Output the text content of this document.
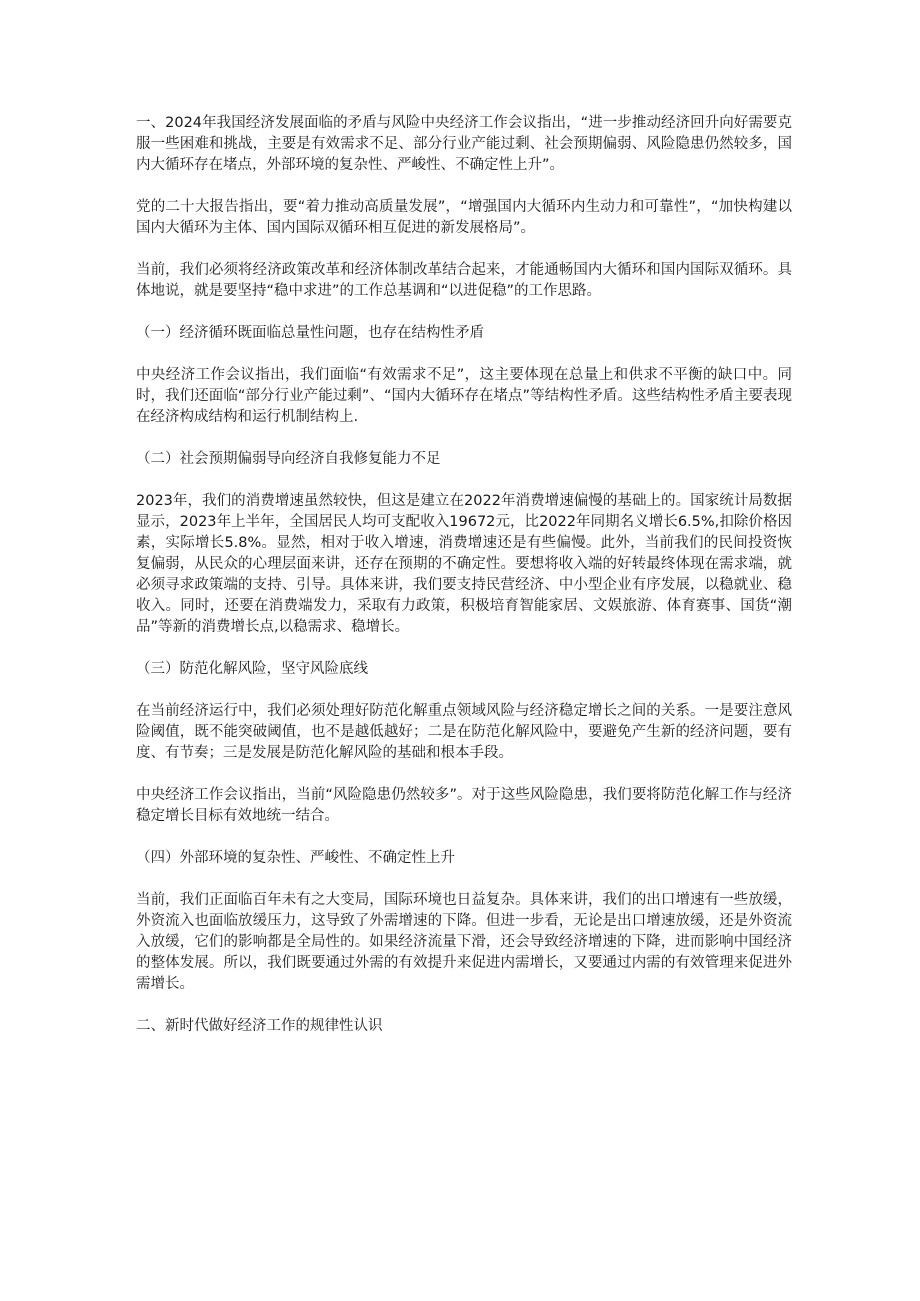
一、2024年我国经济发展面临的矛盾与风险中央经济工作会议指出，“进一步推动经济回升向好需要克服一些困难和挑战，主要是有效需求不足、部分行业产能过剩、社会预期偏弱、风险隐患仍然较多，国内大循环存在堵点，外部环境的复杂性、严峻性、不确定性上升”。

党的二十大报告指出，要“着力推动高质量发展”，“增强国内大循环内生动力和可靠性”，“加快构建以国内大循环为主体、国内国际双循环相互促进的新发展格局”。

当前，我们必须将经济政策改革和经济体制改革结合起来，才能通畅国内大循环和国内国际双循环。具体地说，就是要坚持“稳中求进”的工作总基调和“以进促稳”的工作思路。

（一）经济循环既面临总量性问题，也存在结构性矛盾

中央经济工作会议指出，我们面临“有效需求不足”，这主要体现在总量上和供求不平衡的缺口中。同时，我们还面临“部分行业产能过剩”、“国内大循环存在堵点”等结构性矛盾。这些结构性矛盾主要表现在经济构成结构和运行机制结构上.

（二）社会预期偏弱导向经济自我修复能力不足

2023年，我们的消费增速虽然较快，但这是建立在2022年消费增速偏慢的基础上的。国家统计局数据显示，2023年上半年，全国居民人均可支配收入19672元，比2022年同期名义增长6.5%,扣除价格因素，实际增长5.8%。显然，相对于收入增速，消费增速还是有些偏慢。此外，当前我们的民间投资恢复偏弱，从民众的心理层面来讲，还存在预期的不确定性。要想将收入端的好转最终体现在需求端，就必须寻求政策端的支持、引导。具体来讲，我们要支持民营经济、中小型企业有序发展，以稳就业、稳收入。同时，还要在消费端发力，采取有力政策，积极培育智能家居、文娱旅游、体育赛事、国货“潮品”等新的消费增长点,以稳需求、稳增长。

（三）防范化解风险，坚守风险底线

在当前经济运行中，我们必须处理好防范化解重点领域风险与经济稳定增长之间的关系。一是要注意风险阈值，既不能突破阈值，也不是越低越好；二是在防范化解风险中，要避免产生新的经济问题，要有度、有节奏；三是发展是防范化解风险的基础和根本手段。

中央经济工作会议指出，当前“风险隐患仍然较多”。对于这些风险隐患，我们要将防范化解工作与经济稳定增长目标有效地统一结合。

（四）外部环境的复杂性、严峻性、不确定性上升

当前，我们正面临百年未有之大变局，国际环境也日益复杂。具体来讲，我们的出口增速有一些放缓，外资流入也面临放缓压力，这导致了外需增速的下降。但进一步看，无论是出口增速放缓，还是外资流入放缓，它们的影响都是全局性的。如果经济流量下滑，还会导致经济增速的下降，进而影响中国经济的整体发展。所以，我们既要通过外需的有效提升来促进内需增长，又要通过内需的有效管理来促进外需增长。

二、新时代做好经济工作的规律性认识
